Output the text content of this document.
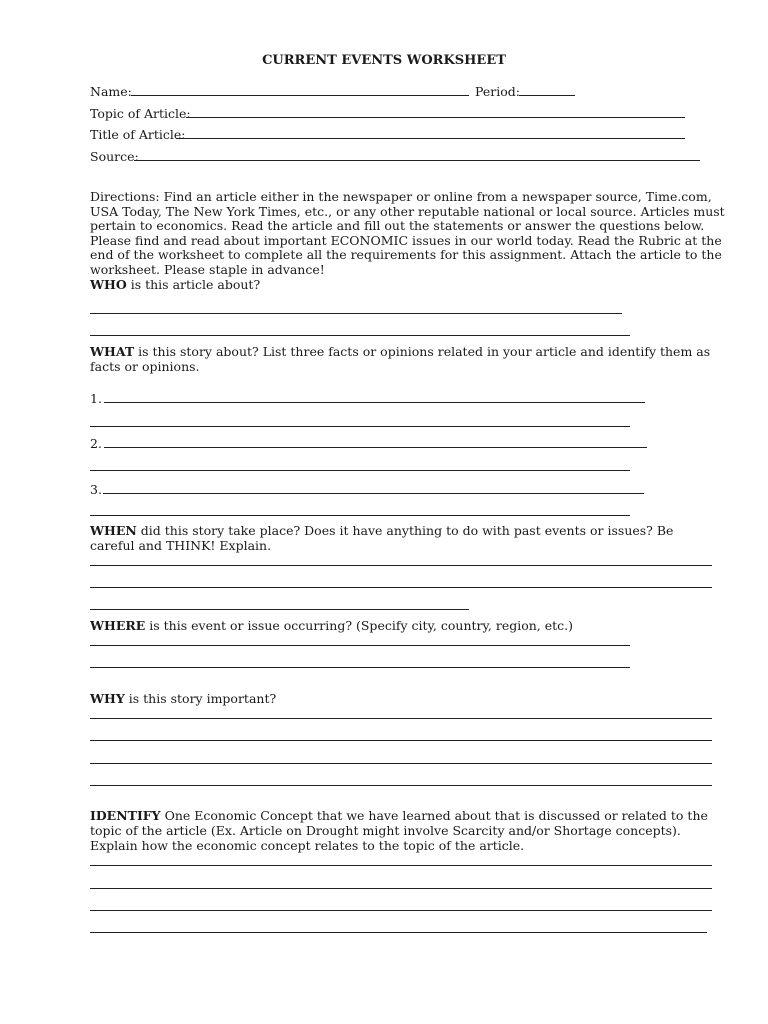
CURRENT EVENTS WORKSHEET
Name:	Period:
Topic of Article:
Title of Article:
Source:
Directions: Find an article either in the newspaper or online from a newspaper source, Time.com, USA Today, The New York Times, etc., or any other reputable national or local source. Articles must pertain to economics. Read the article and fill out the statements or answer the questions below. Please find and read about important ECONOMIC issues in our world today. Read the Rubric at the end of the worksheet to complete all the requirements for this assignment. Attach the article to the worksheet. Please staple in advance!
WHO is this article about?
WHAT is this story about? List three facts or opinions related in your article and identify them as facts or opinions.
1.
2.
3.
WHEN did this story take place? Does it have anything to do with past events or issues? Be careful and THINK! Explain.
WHERE is this event or issue occurring? (Specify city, country, region, etc.)
WHY is this story important?
IDENTIFY One Economic Concept that we have learned about that is discussed or related to the topic of the article (Ex. Article on Drought might involve Scarcity and/or Shortage concepts). Explain how the economic concept relates to the topic of the article.
